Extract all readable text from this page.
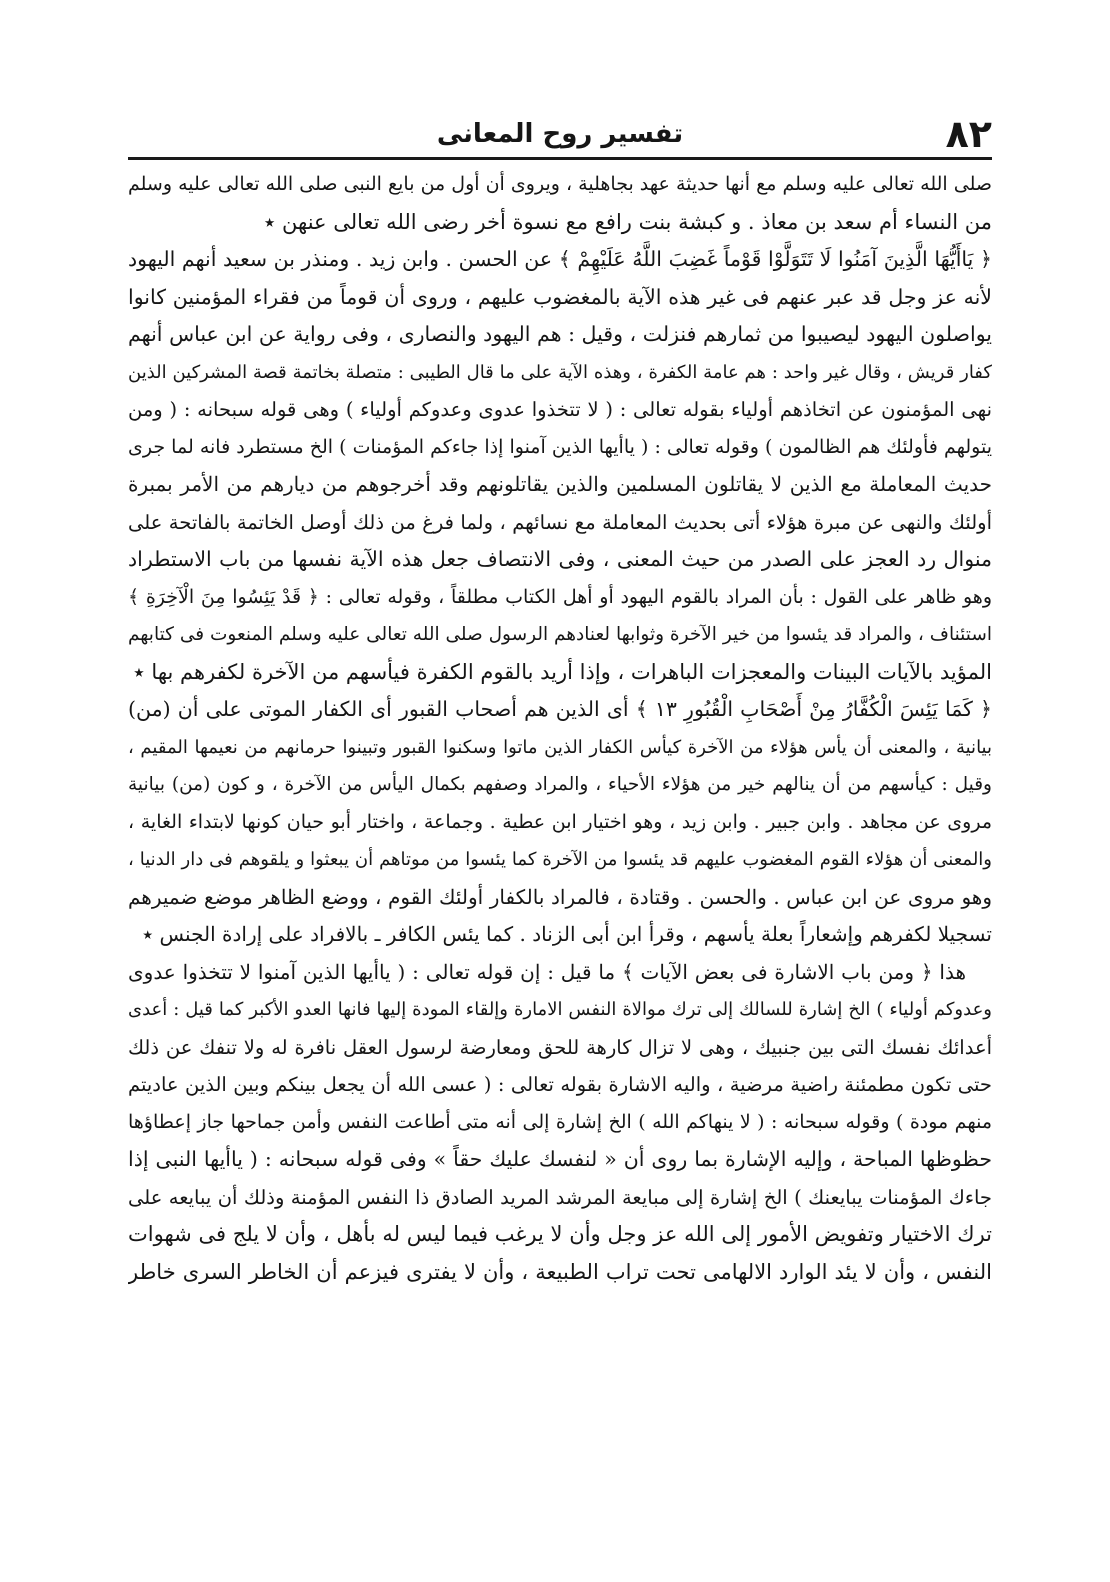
٨٢
تفسير روح المعانى
صلى الله تعالى عليه وسلم مع أنها حديثة عهد بجاهلية ، ويروى أن أول من بايع النبى صلى الله تعالى عليه وسلم
من النساء أم سعد بن معاذ . و كبشة بنت رافع مع نسوة أخر رضى الله تعالى عنهن ٭
﴿ يَاأَيُّهَا الَّذِينَ آمَنُوا لَا تَتَوَلَّوْا قَوْماً غَضِبَ اللَّهُ عَلَيْهِمْ ﴾ عن الحسن . وابن زيد . ومنذر بن سعيد أنهم اليهود
لأنه عز وجل قد عبر عنهم فى غير هذه الآية بالمغضوب عليهم ، وروى أن قوماً من فقراء المؤمنين كانوا
يواصلون اليهود ليصيبوا من ثمارهم فنزلت ، وقيل : هم اليهود والنصارى ، وفى رواية عن ابن عباس أنهم
كفار قريش ، وقال غير واحد : هم عامة الكفرة ، وهذه الآية على ما قال الطيبى : متصلة بخاتمة قصة المشركين الذين
نهى المؤمنون عن اتخاذهم أولياء بقوله تعالى : ( لا تتخذوا عدوى وعدوكم أولياء ) وهى قوله سبحانه : ( ومن
يتولهم فأولئك هم الظالمون ) وقوله تعالى : ( ياأيها الذين آمنوا إذا جاءكم المؤمنات ) الخ مستطرد فانه لما جرى
حديث المعاملة مع الذين لا يقاتلون المسلمين والذين يقاتلونهم وقد أخرجوهم من ديارهم من الأمر بمبرة
أولئك والنهى عن مبرة هؤلاء أتى بحديث المعاملة مع نسائهم ، ولما فرغ من ذلك أوصل الخاتمة بالفاتحة على
منوال رد العجز على الصدر من حيث المعنى ، وفى الانتصاف جعل هذه الآية نفسها من باب الاستطراد
وهو ظاهر على القول : بأن المراد بالقوم اليهود أو أهل الكتاب مطلقاً ، وقوله تعالى : ﴿ قَدْ يَئِسُوا مِنَ الْآخِرَةِ ﴾
استئناف ، والمراد قد يئسوا من خير الآخرة وثوابها لعنادهم الرسول صلى الله تعالى عليه وسلم المنعوت فى كتابهم
المؤيد بالآيات البينات والمعجزات الباهرات ، وإذا أريد بالقوم الكفرة فيأسهم من الآخرة لكفرهم بها ٭
﴿ كَمَا يَئِسَ الْكُفَّارُ مِنْ أَصْحَابِ الْقُبُورِ ١٣ ﴾ أى الذين هم أصحاب القبور أى الكفار الموتى على أن (من)
بيانية ، والمعنى أن يأس هؤلاء من الآخرة كيأس الكفار الذين ماتوا وسكنوا القبور وتبينوا حرمانهم من نعيمها المقيم ،
وقيل : كيأسهم من أن ينالهم خير من هؤلاء الأحياء ، والمراد وصفهم بكمال اليأس من الآخرة ، و كون (من) بيانية
مروى عن مجاهد . وابن جبير . وابن زيد ، وهو اختيار ابن عطية . وجماعة ، واختار أبو حيان كونها لابتداء الغاية ،
والمعنى أن هؤلاء القوم المغضوب عليهم قد يئسوا من الآخرة كما يئسوا من موتاهم أن يبعثوا و يلقوهم فى دار الدنيا ،
وهو مروى عن ابن عباس . والحسن . وقتادة ، فالمراد بالكفار أولئك القوم ، ووضع الظاهر موضع ضميرهم
تسجيلا لكفرهم وإشعاراً بعلة يأسهم ، وقرأ ابن أبى الزناد . كما يئس الكافر ـ بالافراد على إرادة الجنس ٭
هذا ﴿ ومن باب الاشارة فى بعض الآيات ﴾ ما قيل : إن قوله تعالى : ( ياأيها الذين آمنوا لا تتخذوا عدوى
وعدوكم أولياء ) الخ إشارة للسالك إلى ترك موالاة النفس الامارة وإلقاء المودة إليها فانها العدو الأكبر كما قيل : أعدى
أعدائك نفسك التى بين جنبيك ، وهى لا تزال كارهة للحق ومعارضة لرسول العقل نافرة له ولا تنفك عن ذلك
حتى تكون مطمئنة راضية مرضية ، واليه الاشارة بقوله تعالى : ( عسى الله أن يجعل بينكم وبين الذين عاديتم
منهم مودة ) وقوله سبحانه : ( لا ينهاكم الله ) الخ إشارة إلى أنه متى أطاعت النفس وأمن جماحها جاز إعطاؤها
حظوظها المباحة ، وإليه الإشارة بما روى أن « لنفسك عليك حقاً » وفى قوله سبحانه : ( ياأيها النبى إذا
جاءك المؤمنات يبايعنك ) الخ إشارة إلى مبايعة المرشد المريد الصادق ذا النفس المؤمنة وذلك أن يبايعه على
ترك الاختيار وتفويض الأمور إلى الله عز وجل وأن لا يرغب فيما ليس له بأهل ، وأن لا يلج فى شهوات
النفس ، وأن لا يئد الوارد الالهامى تحت تراب الطبيعة ، وأن لا يفترى فيزعم أن الخاطر السرى خاطر
